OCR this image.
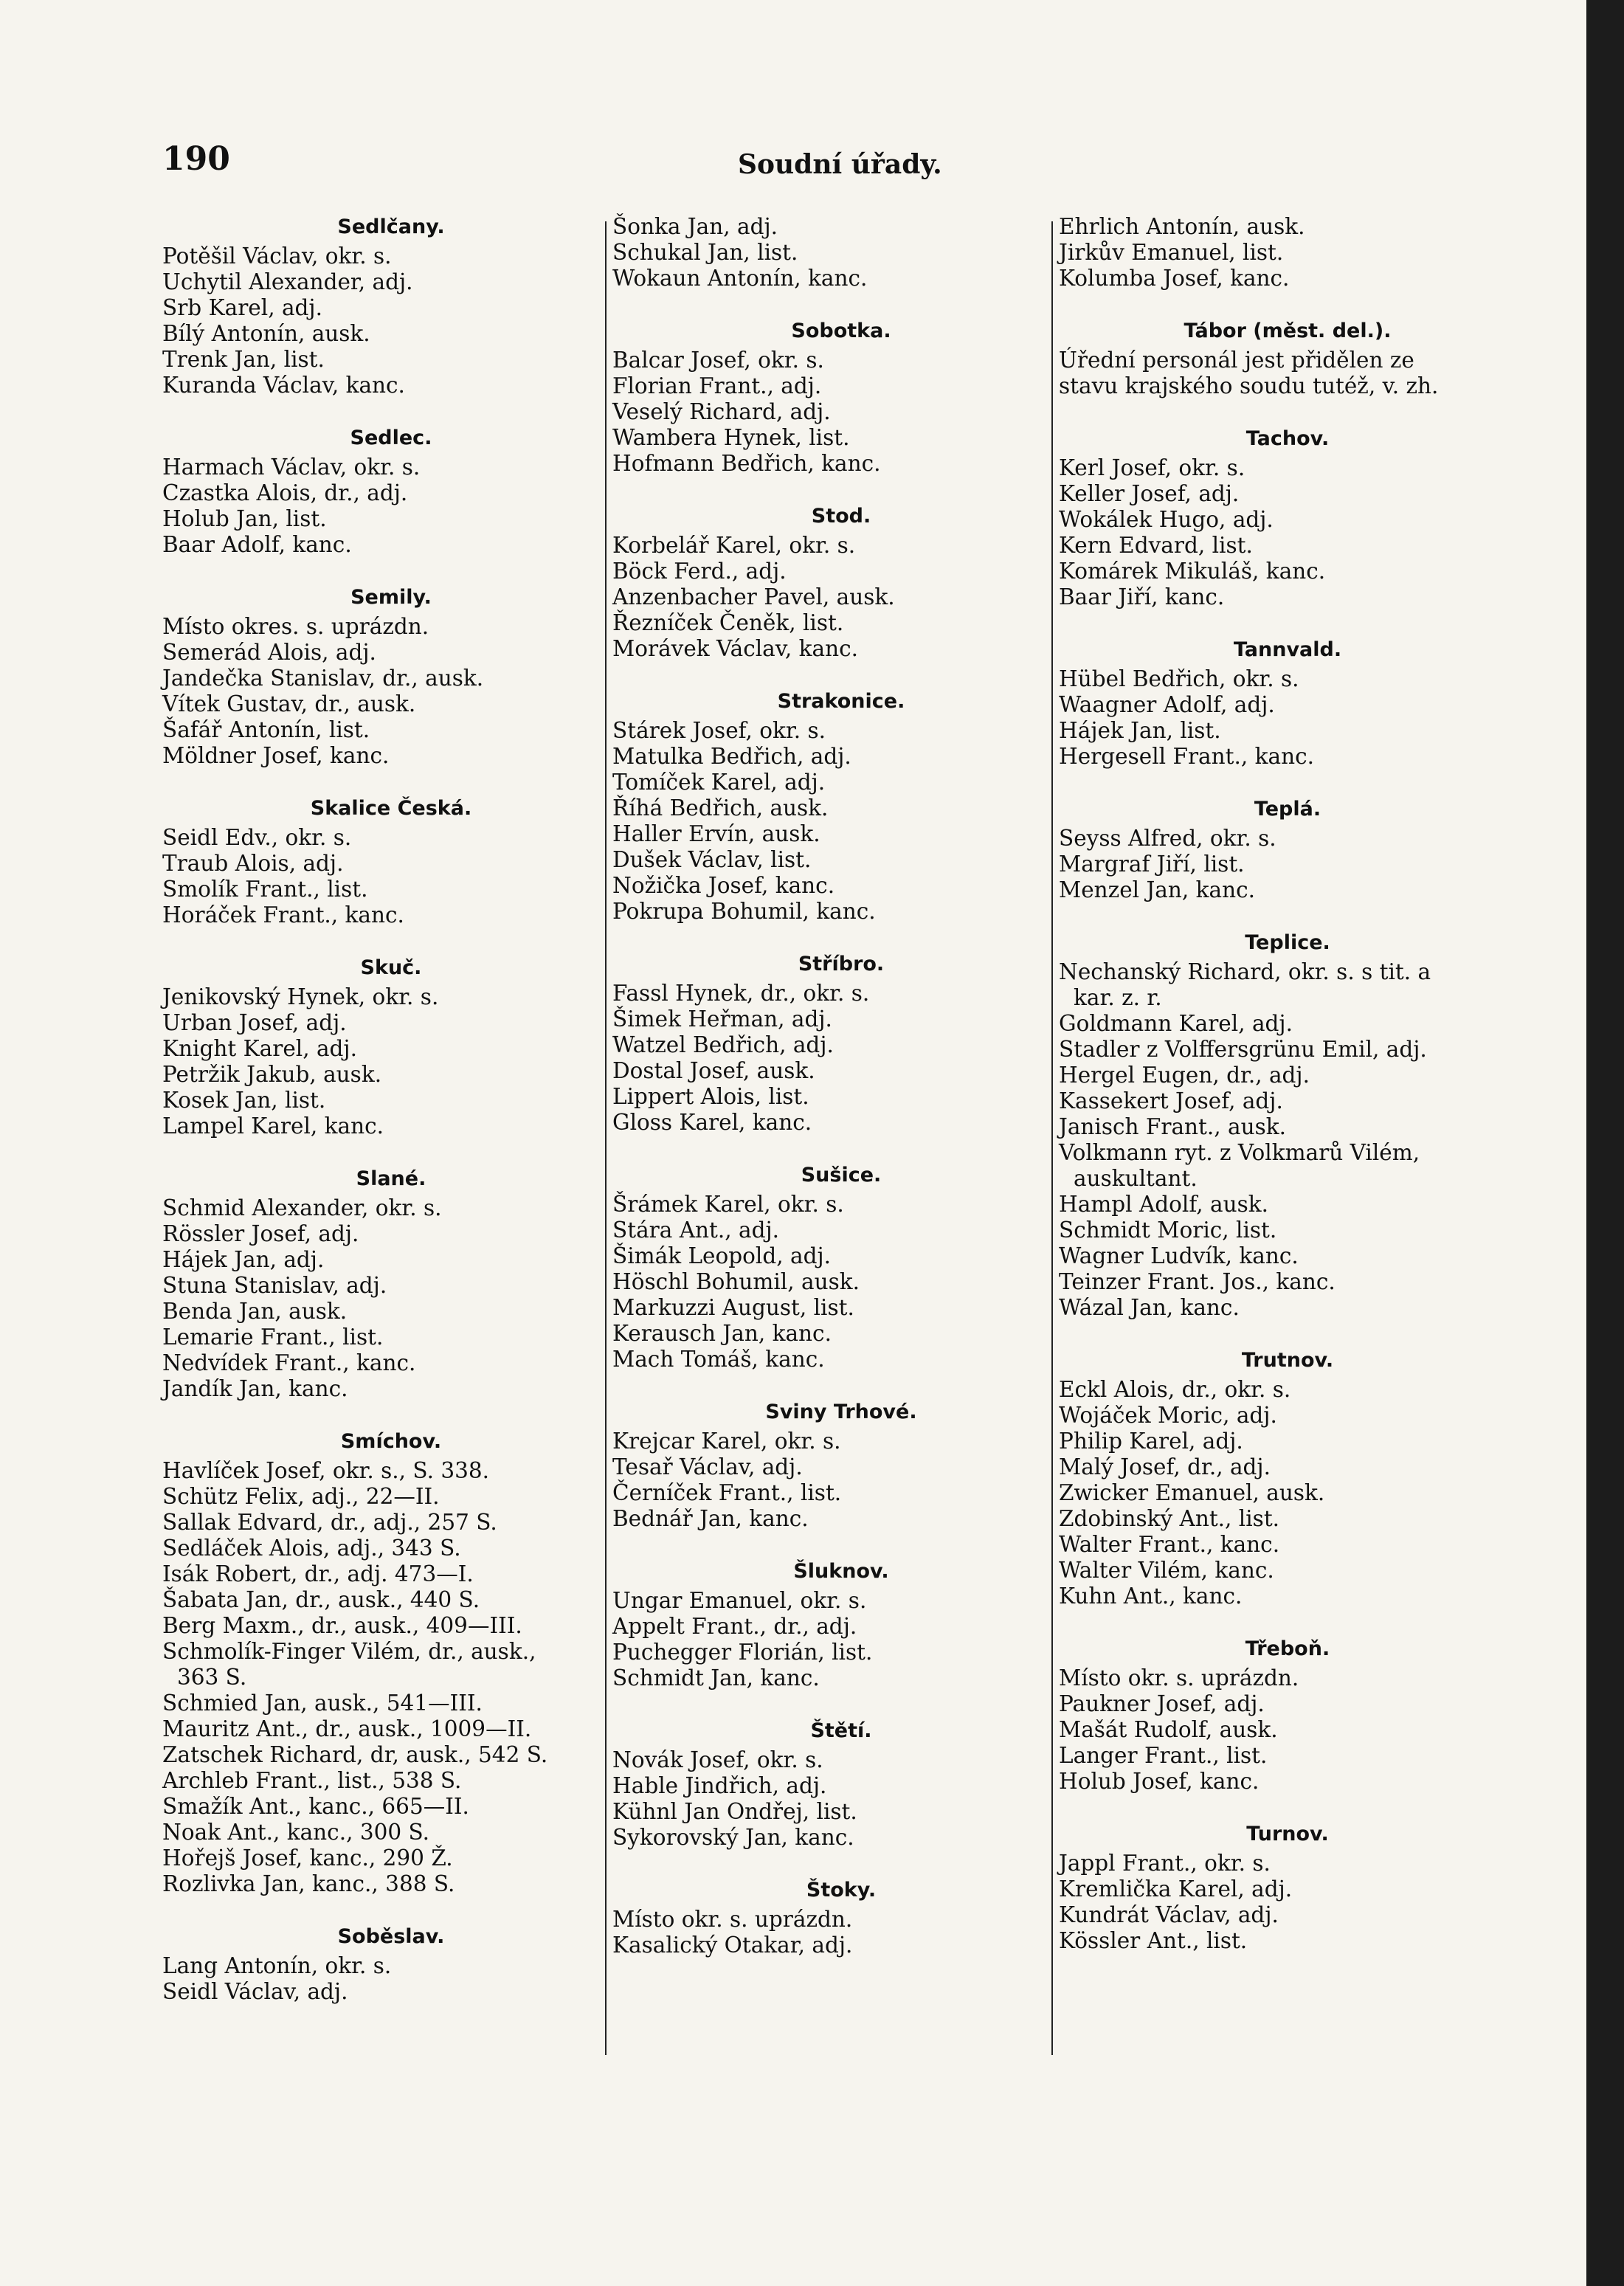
190	Soudní úřady.
Sedlčany.
Potěšil Václav, okr. s.
Uchytil Alexander, adj.
Srb Karel, adj.
Bílý Antonín, ausk.
Trenk Jan, list.
Kuranda Václav, kanc.
Sedlec.
Harmach Václav, okr. s.
Czastka Alois, dr., adj.
Holub Jan, list.
Baar Adolf, kanc.
Semily.
Místo okres. s. uprázdn.
Semerád Alois, adj.
Jandečka Stanislav, dr., ausk.
Vítek Gustav, dr., ausk.
Šafář Antonín, list.
Möldner Josef, kanc.
Skalice Česká.
Seidl Edv., okr. s.
Traub Alois, adj.
Smolík Frant., list.
Horáček Frant., kanc.
Skuč.
Jenikovský Hynek, okr. s.
Urban Josef, adj.
Knight Karel, adj.
Petržik Jakub, ausk.
Kosek Jan, list.
Lampel Karel, kanc.
Slané.
Schmid Alexander, okr. s.
Rössler Josef, adj.
Hájek Jan, adj.
Stuna Stanislav, adj.
Benda Jan, ausk.
Lemarie Frant., list.
Nedvídek Frant., kanc.
Jandík Jan, kanc.
Smíchov.
Havlíček Josef, okr. s., S. 338.
Schütz Felix, adj., 22—II.
Sallak Edvard, dr., adj., 257 S.
Sedláček Alois, adj., 343 S.
Isák Robert, dr., adj. 473—I.
Šabata Jan, dr., ausk., 440 S.
Berg Maxm., dr., ausk., 409—III.
Schmolík-Finger Vilém, dr., ausk.,
363 S.
Schmied Jan, ausk., 541—III.
Mauritz Ant., dr., ausk., 1009—II.
Zatschek Richard, dr, ausk., 542 S.
Archleb Frant., list., 538 S.
Smažík Ant., kanc., 665—II.
Noak Ant., kanc., 300 S.
Hořejš Josef, kanc., 290 Ž.
Rozlivka Jan, kanc., 388 S.
Soběslav.
Lang Antonín, okr. s.
Seidl Václav, adj.
Šonka Jan, adj.
Schukal Jan, list.
Wokaun Antonín, kanc.
Sobotka.
Balcar Josef, okr. s.
Florian Frant., adj.
Veselý Richard, adj.
Wambera Hynek, list.
Hofmann Bedřich, kanc.
Stod.
Korbelář Karel, okr. s.
Böck Ferd., adj.
Anzenbacher Pavel, ausk.
Řezníček Čeněk, list.
Morávek Václav, kanc.
Strakonice.
Stárek Josef, okr. s.
Matulka Bedřich, adj.
Tomíček Karel, adj.
Říhá Bedřich, ausk.
Haller Ervín, ausk.
Dušek Václav, list.
Nožička Josef, kanc.
Pokrupa Bohumil, kanc.
Stříbro.
Fassl Hynek, dr., okr. s.
Šimek Heřman, adj.
Watzel Bedřich, adj.
Dostal Josef, ausk.
Lippert Alois, list.
Gloss Karel, kanc.
Sušice.
Šrámek Karel, okr. s.
Stára Ant., adj.
Šimák Leopold, adj.
Höschl Bohumil, ausk.
Markuzzi August, list.
Kerausch Jan, kanc.
Mach Tomáš, kanc.
Sviny Trhové.
Krejcar Karel, okr. s.
Tesař Václav, adj.
Černíček Frant., list.
Bednář Jan, kanc.
Šluknov.
Ungar Emanuel, okr. s.
Appelt Frant., dr., adj.
Puchegger Florián, list.
Schmidt Jan, kanc.
Štětí.
Novák Josef, okr. s.
Hable Jindřich, adj.
Kühnl Jan Ondřej, list.
Sykorovský Jan, kanc.
Štoky.
Místo okr. s. uprázdn.
Kasalický Otakar, adj.
Ehrlich Antonín, ausk.
Jirkův Emanuel, list.
Kolumba Josef, kanc.
Tábor (měst. del.).
Úřední personál jest přidělen ze
stavu krajského soudu tutéž, v. zh.
Tachov.
Kerl Josef, okr. s.
Keller Josef, adj.
Wokálek Hugo, adj.
Kern Edvard, list.
Komárek Mikuláš, kanc.
Baar Jiří, kanc.
Tannvald.
Hübel Bedřich, okr. s.
Waagner Adolf, adj.
Hájek Jan, list.
Hergesell Frant., kanc.
Teplá.
Seyss Alfred, okr. s.
Margraf Jiří, list.
Menzel Jan, kanc.
Teplice.
Nechanský Richard, okr. s. s tit. a
kar. z. r.
Goldmann Karel, adj.
Stadler z Volffersgrünu Emil, adj.
Hergel Eugen, dr., adj.
Kassekert Josef, adj.
Janisch Frant., ausk.
Volkmann ryt. z Volkmarů Vilém,
auskultant.
Hampl Adolf, ausk.
Schmidt Moric, list.
Wagner Ludvík, kanc.
Teinzer Frant. Jos., kanc.
Wázal Jan, kanc.
Trutnov.
Eckl Alois, dr., okr. s.
Wojáček Moric, adj.
Philip Karel, adj.
Malý Josef, dr., adj.
Zwicker Emanuel, ausk.
Zdobinský Ant., list.
Walter Frant., kanc.
Walter Vilém, kanc.
Kuhn Ant., kanc.
Třeboň.
Místo okr. s. uprázdn.
Paukner Josef, adj.
Mašát Rudolf, ausk.
Langer Frant., list.
Holub Josef, kanc.
Turnov.
Jappl Frant., okr. s.
Kremlička Karel, adj.
Kundrát Václav, adj.
Kössler Ant., list.
